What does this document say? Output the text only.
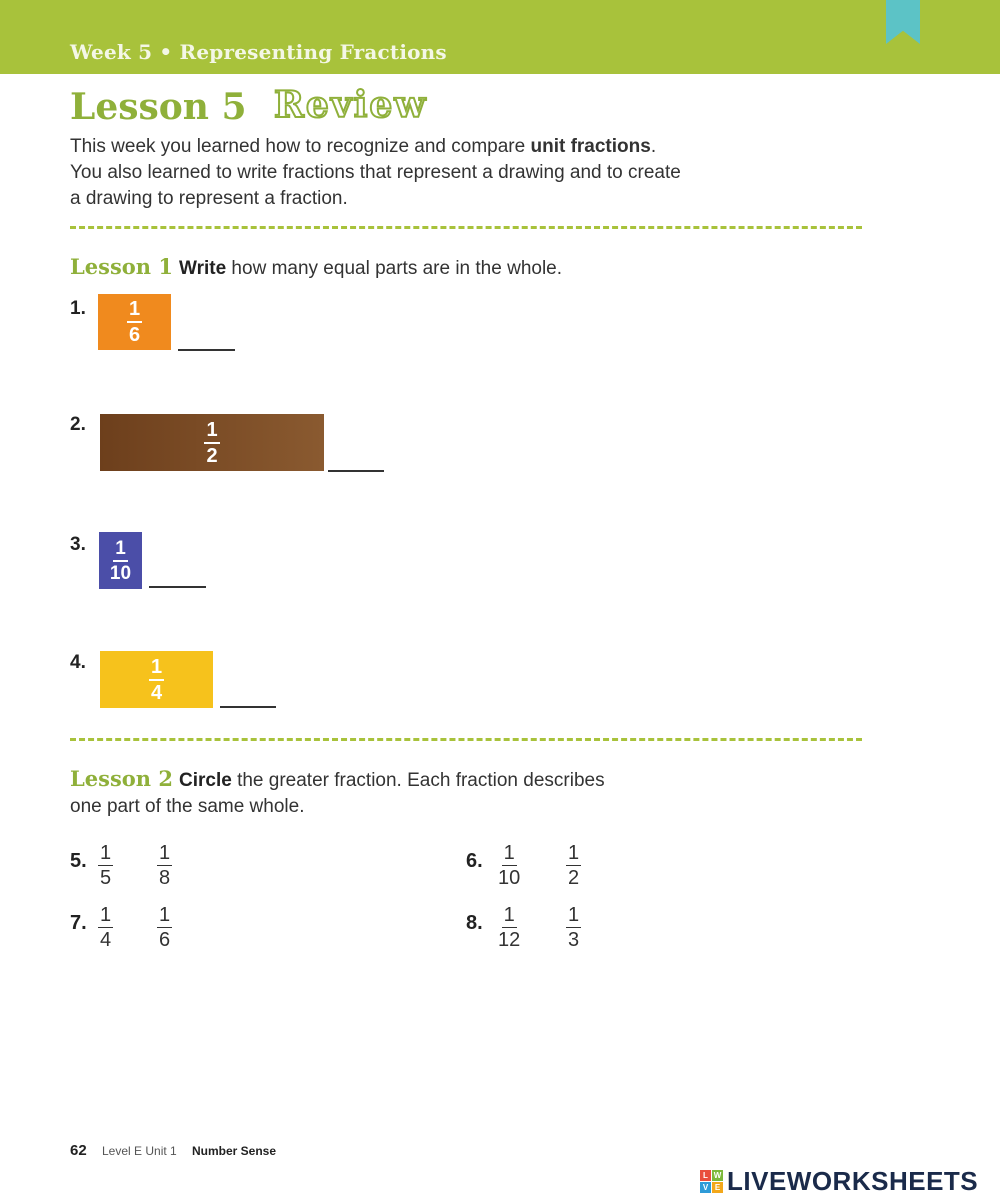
Week 5 • Representing Fractions
Lesson 5 Review

This week you learned how to recognize and compare unit fractions. You also learned to write fractions that represent a drawing and to create a drawing to represent a fraction.

Lesson 1 Write how many equal parts are in the whole.
1. $\frac{1}{6}$
2.	$\frac{1}{2}$
3. $\frac{1}{10}$
4.	$\frac{1}{4}$
Lesson 2 Circle the greater fraction. Each fraction describes one part of the same whole.
5. $\frac{1}{5} \frac{1}{8}$	6. $\frac{1}{10} \frac{1}{2}$
7. $\frac{1}{4} \frac{1}{6}$	8. $\frac{1}{12} \frac{1}{3}$
62 Level E Unit 1 Number Sense
L W
V E LIVEWORKSHEETS
